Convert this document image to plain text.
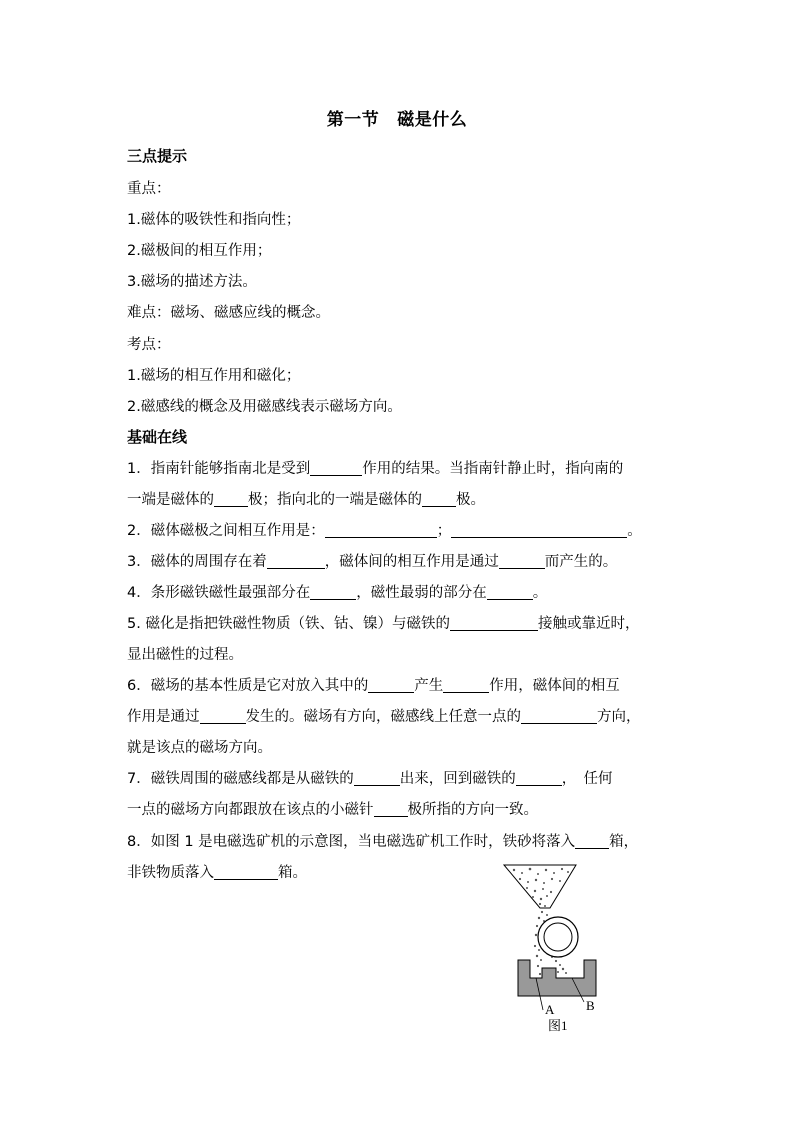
第一节 磁是什么
三点提示
重点：
1.磁体的吸铁性和指向性；
2.磁极间的相互作用；
3.磁场的描述方法。
难点：磁场、磁感应线的概念。
考点：
1.磁场的相互作用和磁化；
2.磁感线的概念及用磁感线表示磁场方向。
基础在线
1．指南针能够指南北是受到	作用的结果。当指南针静止时，指向南的
一端是磁体的 极；指向北的一端是磁体的 极。
2．磁体磁极之间相互作用是：	；	。
3．磁体的周围存在着	，磁体间的相互作用是通过	而产生的。
4．条形磁铁磁性最强部分在	，磁性最弱的部分在	。
5. 磁化是指把铁磁性物质（铁、钴、镍）与磁铁的	接触或靠近时，
显出磁性的过程。
6．磁场的基本性质是它对放入其中的	产生	作用，磁体间的相互
作用是通过	发生的。磁场有方向，磁感线上任意一点的	方向，
就是该点的磁场方向。
7．磁铁周围的磁感线都是从磁铁的	出来，回到磁铁的	，　任何
一点的磁场方向都跟放在该点的小磁针 极所指的方向一致。
8．如图 1 是电磁选矿机的示意图，当电磁选矿机工作时，铁砂将落入 箱，
非铁物质落入	箱。
A B
图1
